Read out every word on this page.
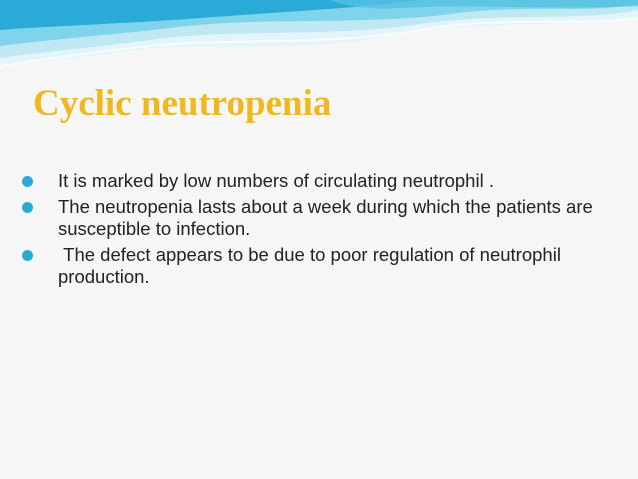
Cyclic neutropenia
It is marked by low numbers of circulating neutrophil .
The neutropenia lasts about a week during which the patients are susceptible to infection.
The defect appears to be due to poor regulation of neutrophil production.
